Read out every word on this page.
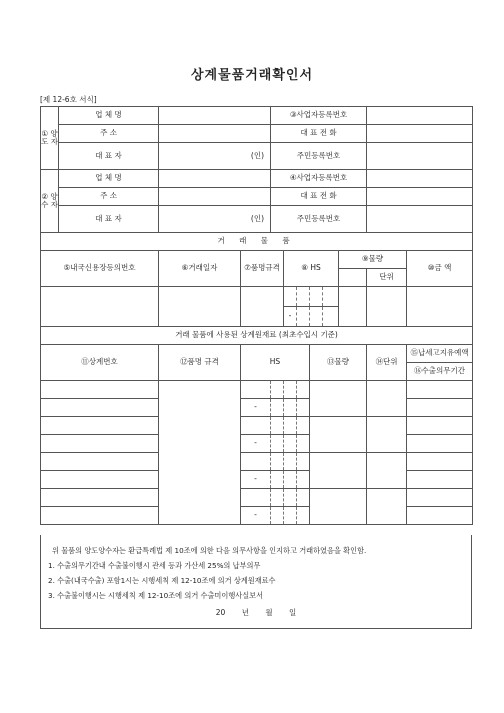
상계물품거래확인서
[제 12-6호 서식]
① 양 도 자	업 체 명			③사업자등록번호							
	주 소			대 표 전 화							
	대 표 자	(인)		주민등록번호							
② 양 수 자	업 체 명			④사업자등록번호							
	주 소			대 표 전 화							
	대 표 자	(인)		주민등록번호							
거 래 물 품											
⑤내국신용장등의번호		⑥거래일자	⑦품명규격		⑧ HS				⑨물량		⑩금 액
										단위	

					-						
거래 물품에 사용된 상계원재료 (최초수입시 기준)											
⑪상계번호		⑫품명 규격	HS				⑬물량			⑭단위	⑮납세고지유예액
											⑯수출의무기간

			-								

			-								

			-								

			-								
위 물품의 양도양수자는 환급특례법 제 10조에 의한 다음 의무사항을 인지하고 거래하였음을 확인함.
1. 수출의무기간내 수출불이행시 관세 등과 가산세 25%의 납부의무
2. 수출(내국수출) 포함1시는 시행세칙 제 12-10조에 의거 상계원재료수
3. 수출불이행시는 시행세칙 제 12-10조에 의거 수출미이행사실보서
20 년 월 일
